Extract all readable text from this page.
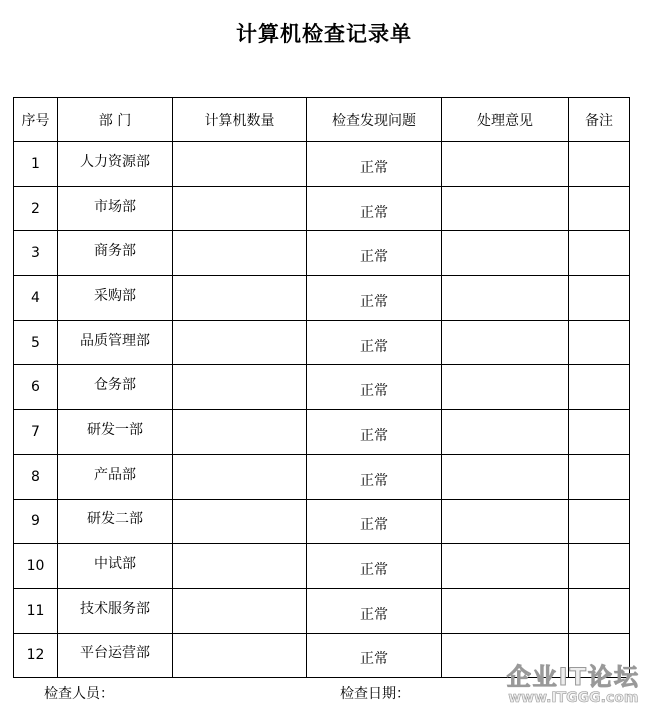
计算机检查记录单
序号	部 门	计算机数量	检查发现问题	处理意见	备注
1	人力资源部		正常		
2	市场部		正常		
3	商务部		正常		
4	采购部		正常		
5	品质管理部		正常		
6	仓务部		正常		
7	研发一部		正常		
8	产品部		正常		
9	研发二部		正常		
10	中试部		正常		
11	技术服务部		正常		
12	平台运营部		正常		
检查人员：	检查日期：
企业IT论坛
www.ITGGG.com
